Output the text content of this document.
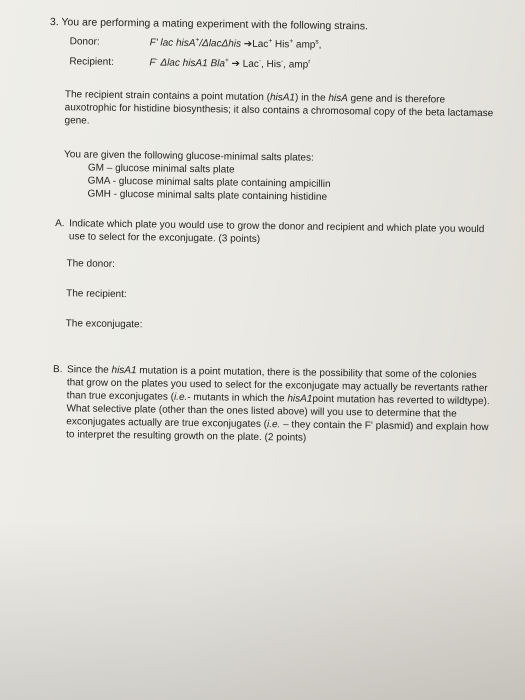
3. You are performing a mating experiment with the following strains.

Donor:	F' lac hisA+/ΔlacΔhis ➔Lac+ His+ amp$^s$,
Recipient:	F- Δlac hisA1 Bla+ ➔ Lac-, His-, amp$^r$

The recipient strain contains a point mutation (hisA1) in the hisA gene and is therefore auxotrophic for histidine biosynthesis; it also contains a chromosomal copy of the beta lactamase gene.

You are given the following glucose-minimal salts plates:
GM – glucose minimal salts plate
GMA - glucose minimal salts plate containing ampicillin
GMH - glucose minimal salts plate containing histidine
A. Indicate which plate you would use to grow the donor and recipient and which plate you would use to select for the exconjugate. (3 points)
The donor:
The recipient:
The exconjugate:
B. Since the hisA1 mutation is a point mutation, there is the possibility that some of the colonies that grow on the plates you used to select for the exconjugate may actually be revertants rather than true exconjugates (i.e.- mutants in which the hisA1point mutation has reverted to wildtype). What selective plate (other than the ones listed above) will you use to determine that the exconjugates actually are true exconjugates (i.e. – they contain the F' plasmid) and explain how to interpret the resulting growth on the plate. (2 points)
